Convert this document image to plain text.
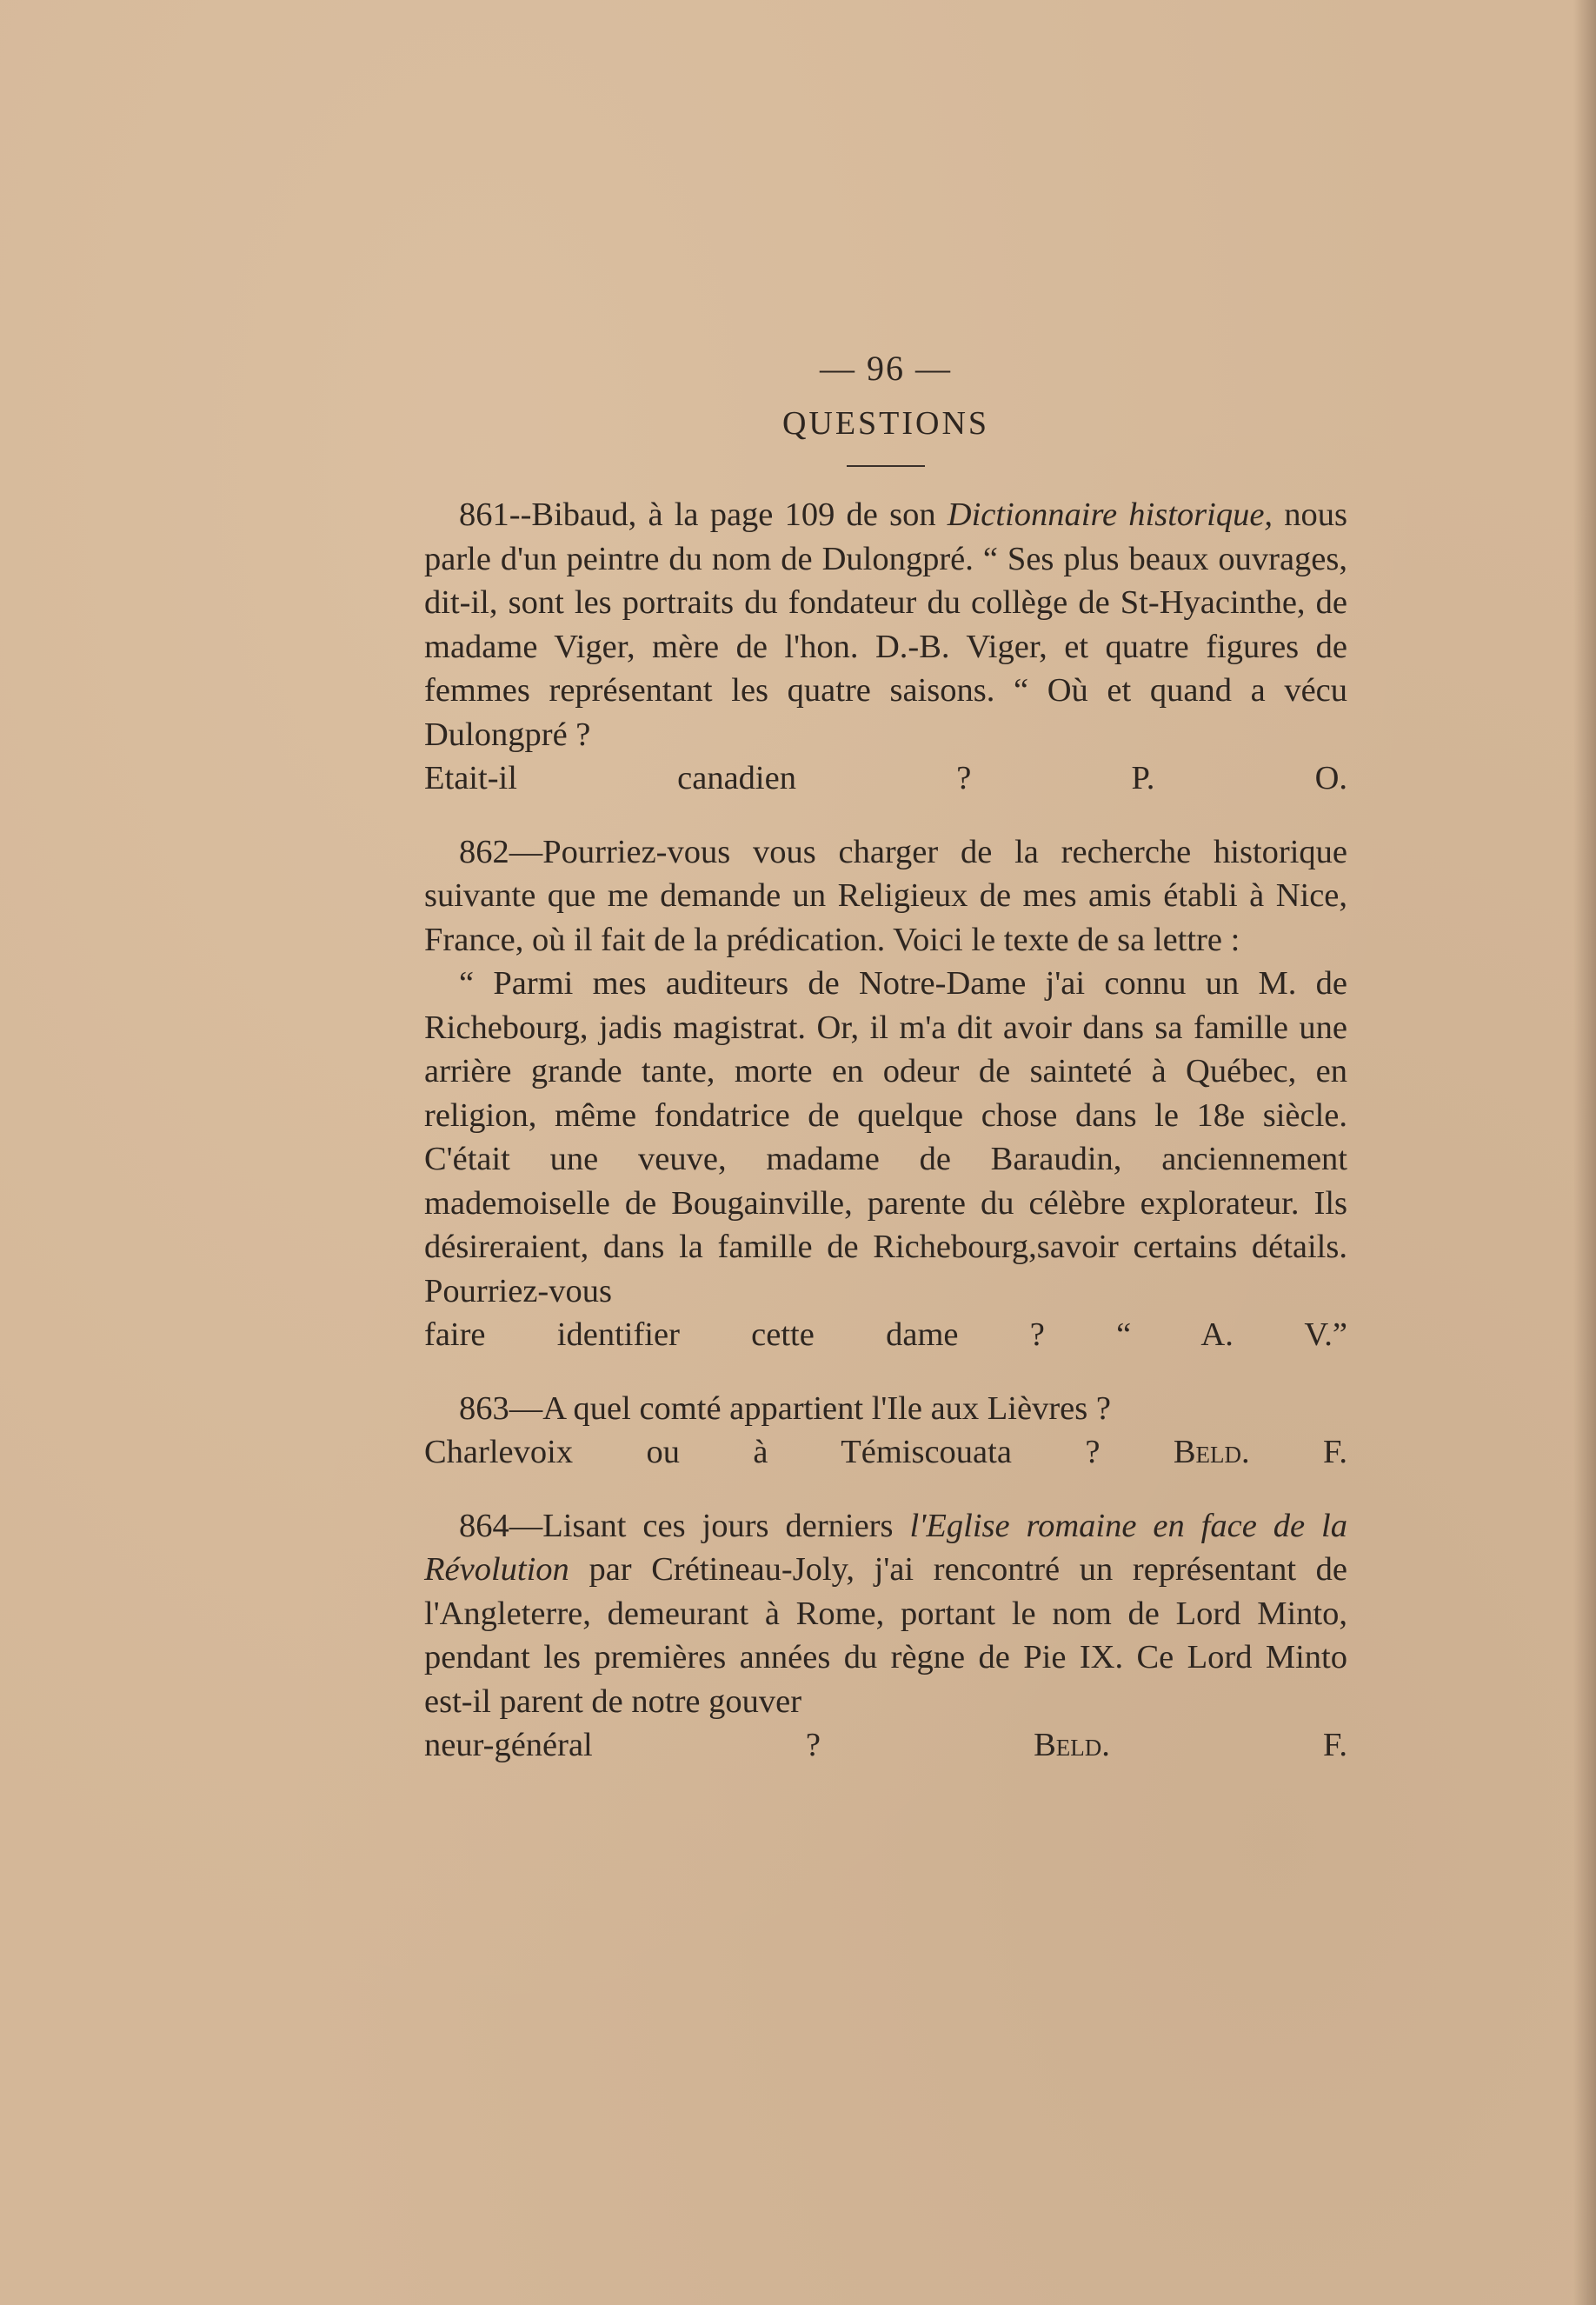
— 96 —

QUESTIONS

861--Bibaud, à la page 109 de son Dictionnaire historique, nous parle d'un peintre du nom de Dulongpré. “ Ses plus beaux ouvrages, dit-il, sont les portraits du fondateur du collège de St-Hyacinthe, de madame Viger, mère de l'hon. D.-B. Viger, et quatre figures de femmes représentant les quatre saisons. “ Où et quand a vécu Dulongpré ?

Etait-il canadien ?	P. O.

862—Pourriez-vous vous charger de la recherche historique suivante que me demande un Religieux de mes amis établi à Nice, France, où il fait de la prédication. Voici le texte de sa lettre :

“ Parmi mes auditeurs de Notre-Dame j'ai connu un M. de Richebourg, jadis magistrat. Or, il m'a dit avoir dans sa famille une arrière grande tante, morte en odeur de sainteté à Québec, en religion, même fondatrice de quelque chose dans le 18e siècle. C'était une veuve, madame de Baraudin, anciennement mademoiselle de Bougainville, parente du célèbre explorateur. Ils désireraient, dans la famille de Richebourg,savoir certains détails. Pourriez-vous

faire identifier cette dame ? “ A. V.”

863—A quel comté appartient l'Ile aux Lièvres ?

Charlevoix ou à Témiscouata ? Beld. F.

864—Lisant ces jours derniers l'Eglise romaine en face de la Révolution par Crétineau-Joly, j'ai rencontré un représentant de l'Angleterre, demeurant à Rome, portant le nom de Lord Minto, pendant les premières années du règne de Pie IX. Ce Lord Minto est-il parent de notre gouver

neur-général ?	Beld. F.
